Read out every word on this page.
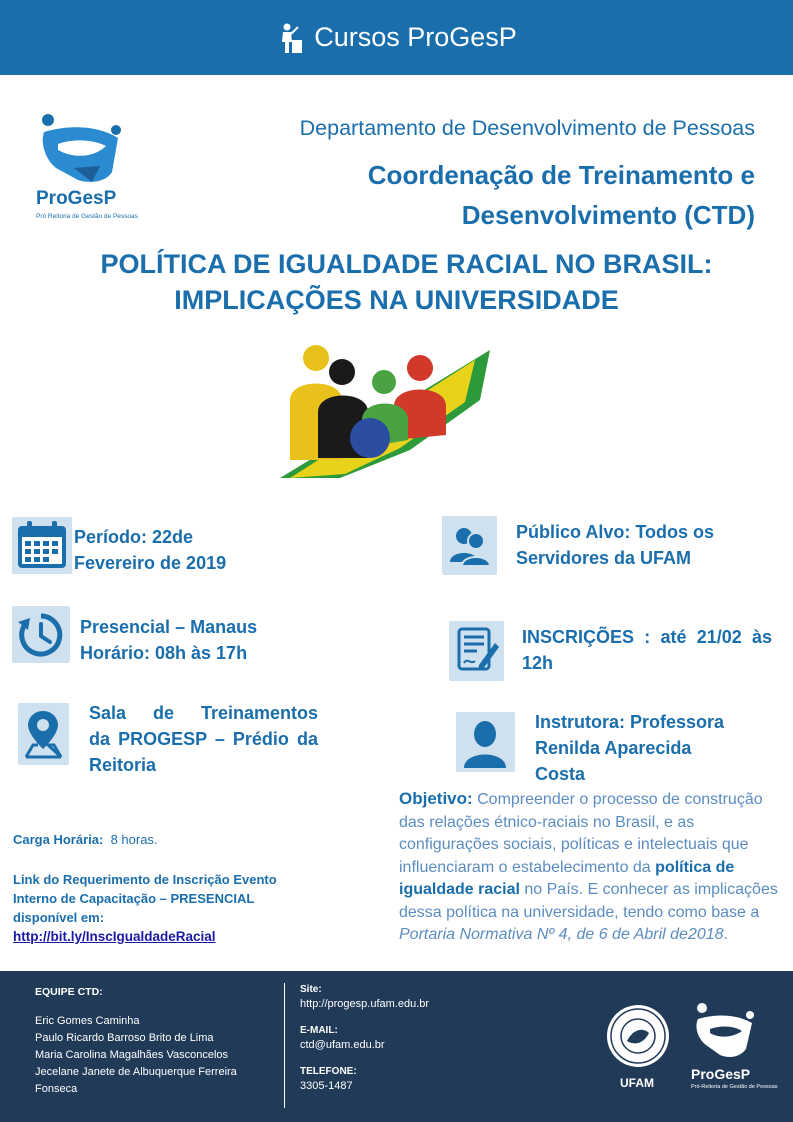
Cursos ProGesP
ProGesP
Pró Reitoria de Gestão de Pessoas
Departamento de Desenvolvimento de Pessoas
Coordenação de Treinamento e
Desenvolvimento (CTD)
POLÍTICA DE IGUALDADE RACIAL NO BRASIL:
IMPLICAÇÕES NA UNIVERSIDADE
Período: 22de
Fevereiro de 2019
Presencial – Manaus
Horário: 08h às 17h
Sala de Treinamentos
da PROGESP – Prédio da
Reitoria
Público Alvo: Todos os
Servidores da UFAM
INSCRIÇÕES : até 21/02 às
12h
Instrutora: Professora
Renilda Aparecida
Costa
Carga Horária: 8 horas.
Link do Requerimento de Inscrição Evento
Interno de Capacitação – PRESENCIAL
disponível em:
http://bit.ly/InscIgualdadeRacial
Objetivo: Compreender o processo de construção das relações étnico-raciais no Brasil, e as configurações sociais, políticas e intelectuais que influenciaram o estabelecimento da política de igualdade racial no País. E conhecer as implicações dessa política na universidade, tendo como base a Portaria Normativa Nº 4, de 6 de Abril de2018.
EQUIPE CTD:
Eric Gomes Caminha
Paulo Ricardo Barroso Brito de Lima
Maria Carolina Magalhães Vasconcelos
Jecelane Janete de Albuquerque Ferreira
Fonseca
Site:
http://progesp.ufam.edu.br
E-MAIL:
ctd@ufam.edu.br
TELEFONE:
3305-1487	UFAM
ProGesP
Pró-Reitoria de Gestão de Pessoas
